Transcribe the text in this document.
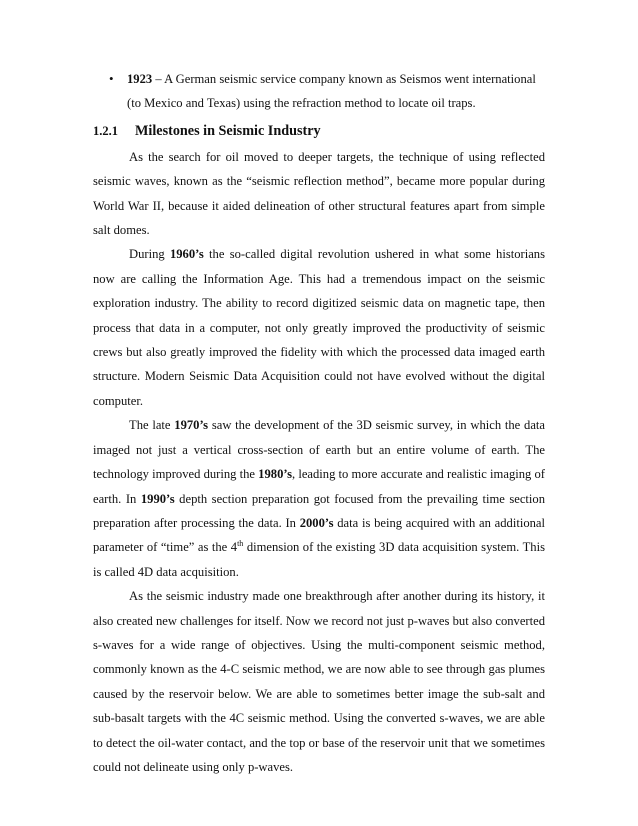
• 1923 – A German seismic service company known as Seismos went international (to Mexico and Texas) using the refraction method to locate oil traps.
1.2.1 Milestones in Seismic Industry

As the search for oil moved to deeper targets, the technique of using reflected seismic waves, known as the “seismic reflection method”, became more popular during World War II, because it aided delineation of other structural features apart from simple salt domes.

During 1960’s the so-called digital revolution ushered in what some historians now are calling the Information Age. This had a tremendous impact on the seismic exploration industry. The ability to record digitized seismic data on magnetic tape, then process that data in a computer, not only greatly improved the productivity of seismic crews but also greatly improved the fidelity with which the processed data imaged earth structure. Modern Seismic Data Acquisition could not have evolved without the digital computer.

The late 1970’s saw the development of the 3D seismic survey, in which the data imaged not just a vertical cross-section of earth but an entire volume of earth. The technology improved during the 1980’s, leading to more accurate and realistic imaging of earth. In 1990’s depth section preparation got focused from the prevailing time section preparation after processing the data. In 2000’s data is being acquired with an additional parameter of “time” as the 4th dimension of the existing 3D data acquisition system. This is called 4D data acquisition.

As the seismic industry made one breakthrough after another during its history, it also created new challenges for itself. Now we record not just p-waves but also converted s-waves for a wide range of objectives. Using the multi-component seismic method, commonly known as the 4-C seismic method, we are now able to see through gas plumes caused by the reservoir below. We are able to sometimes better image the sub-salt and sub-basalt targets with the 4C seismic method. Using the converted s-waves, we are able to detect the oil-water contact, and the top or base of the reservoir unit that we sometimes could not delineate using only p-waves.
